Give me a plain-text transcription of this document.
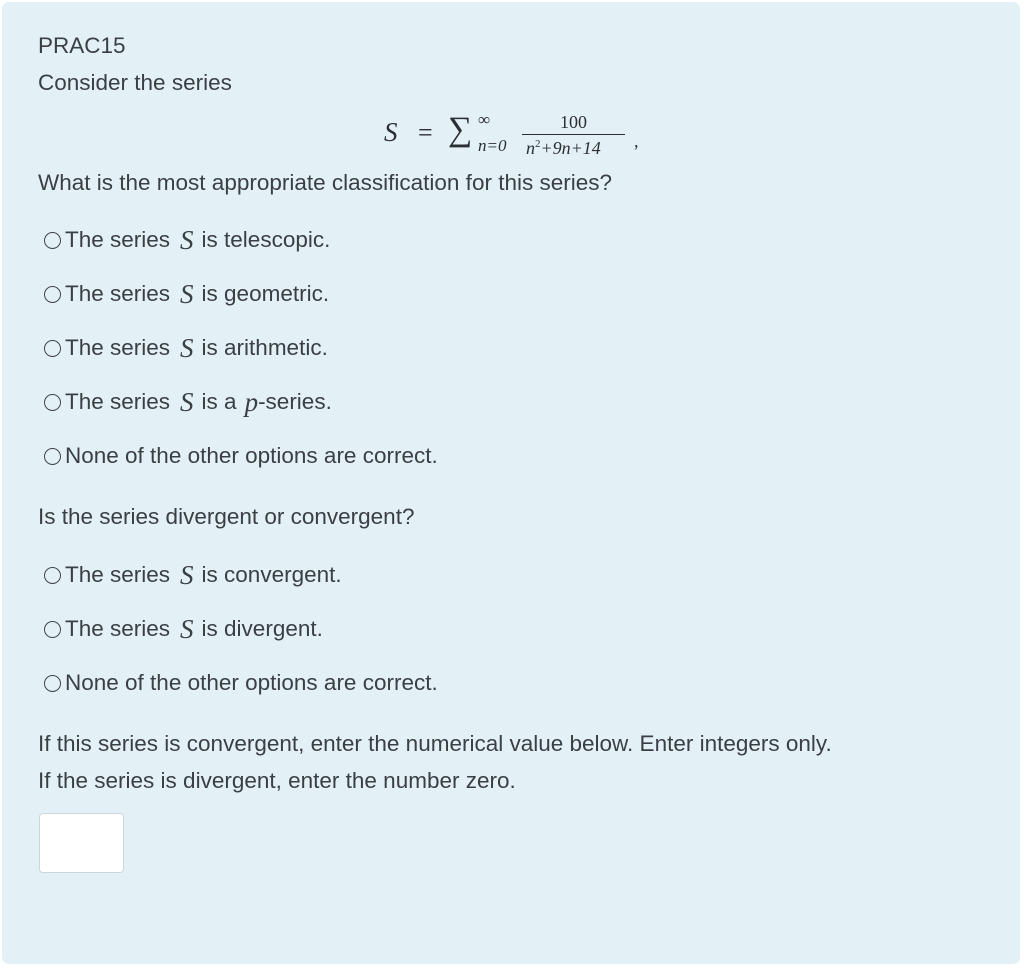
PRAC15
Consider the series
S = ∑ ∞
n=0
100
$n^2+9n+14$ ,
What is the most appropriate classification for this series?
The series S is telescopic.
The series S is geometric.
The series S is arithmetic.
The series S is a p -series.
None of the other options are correct.
Is the series divergent or convergent?
The series S is convergent.
The series S is divergent.
None of the other options are correct.
If this series is convergent, enter the numerical value below. Enter integers only.
If the series is divergent, enter the number zero.
